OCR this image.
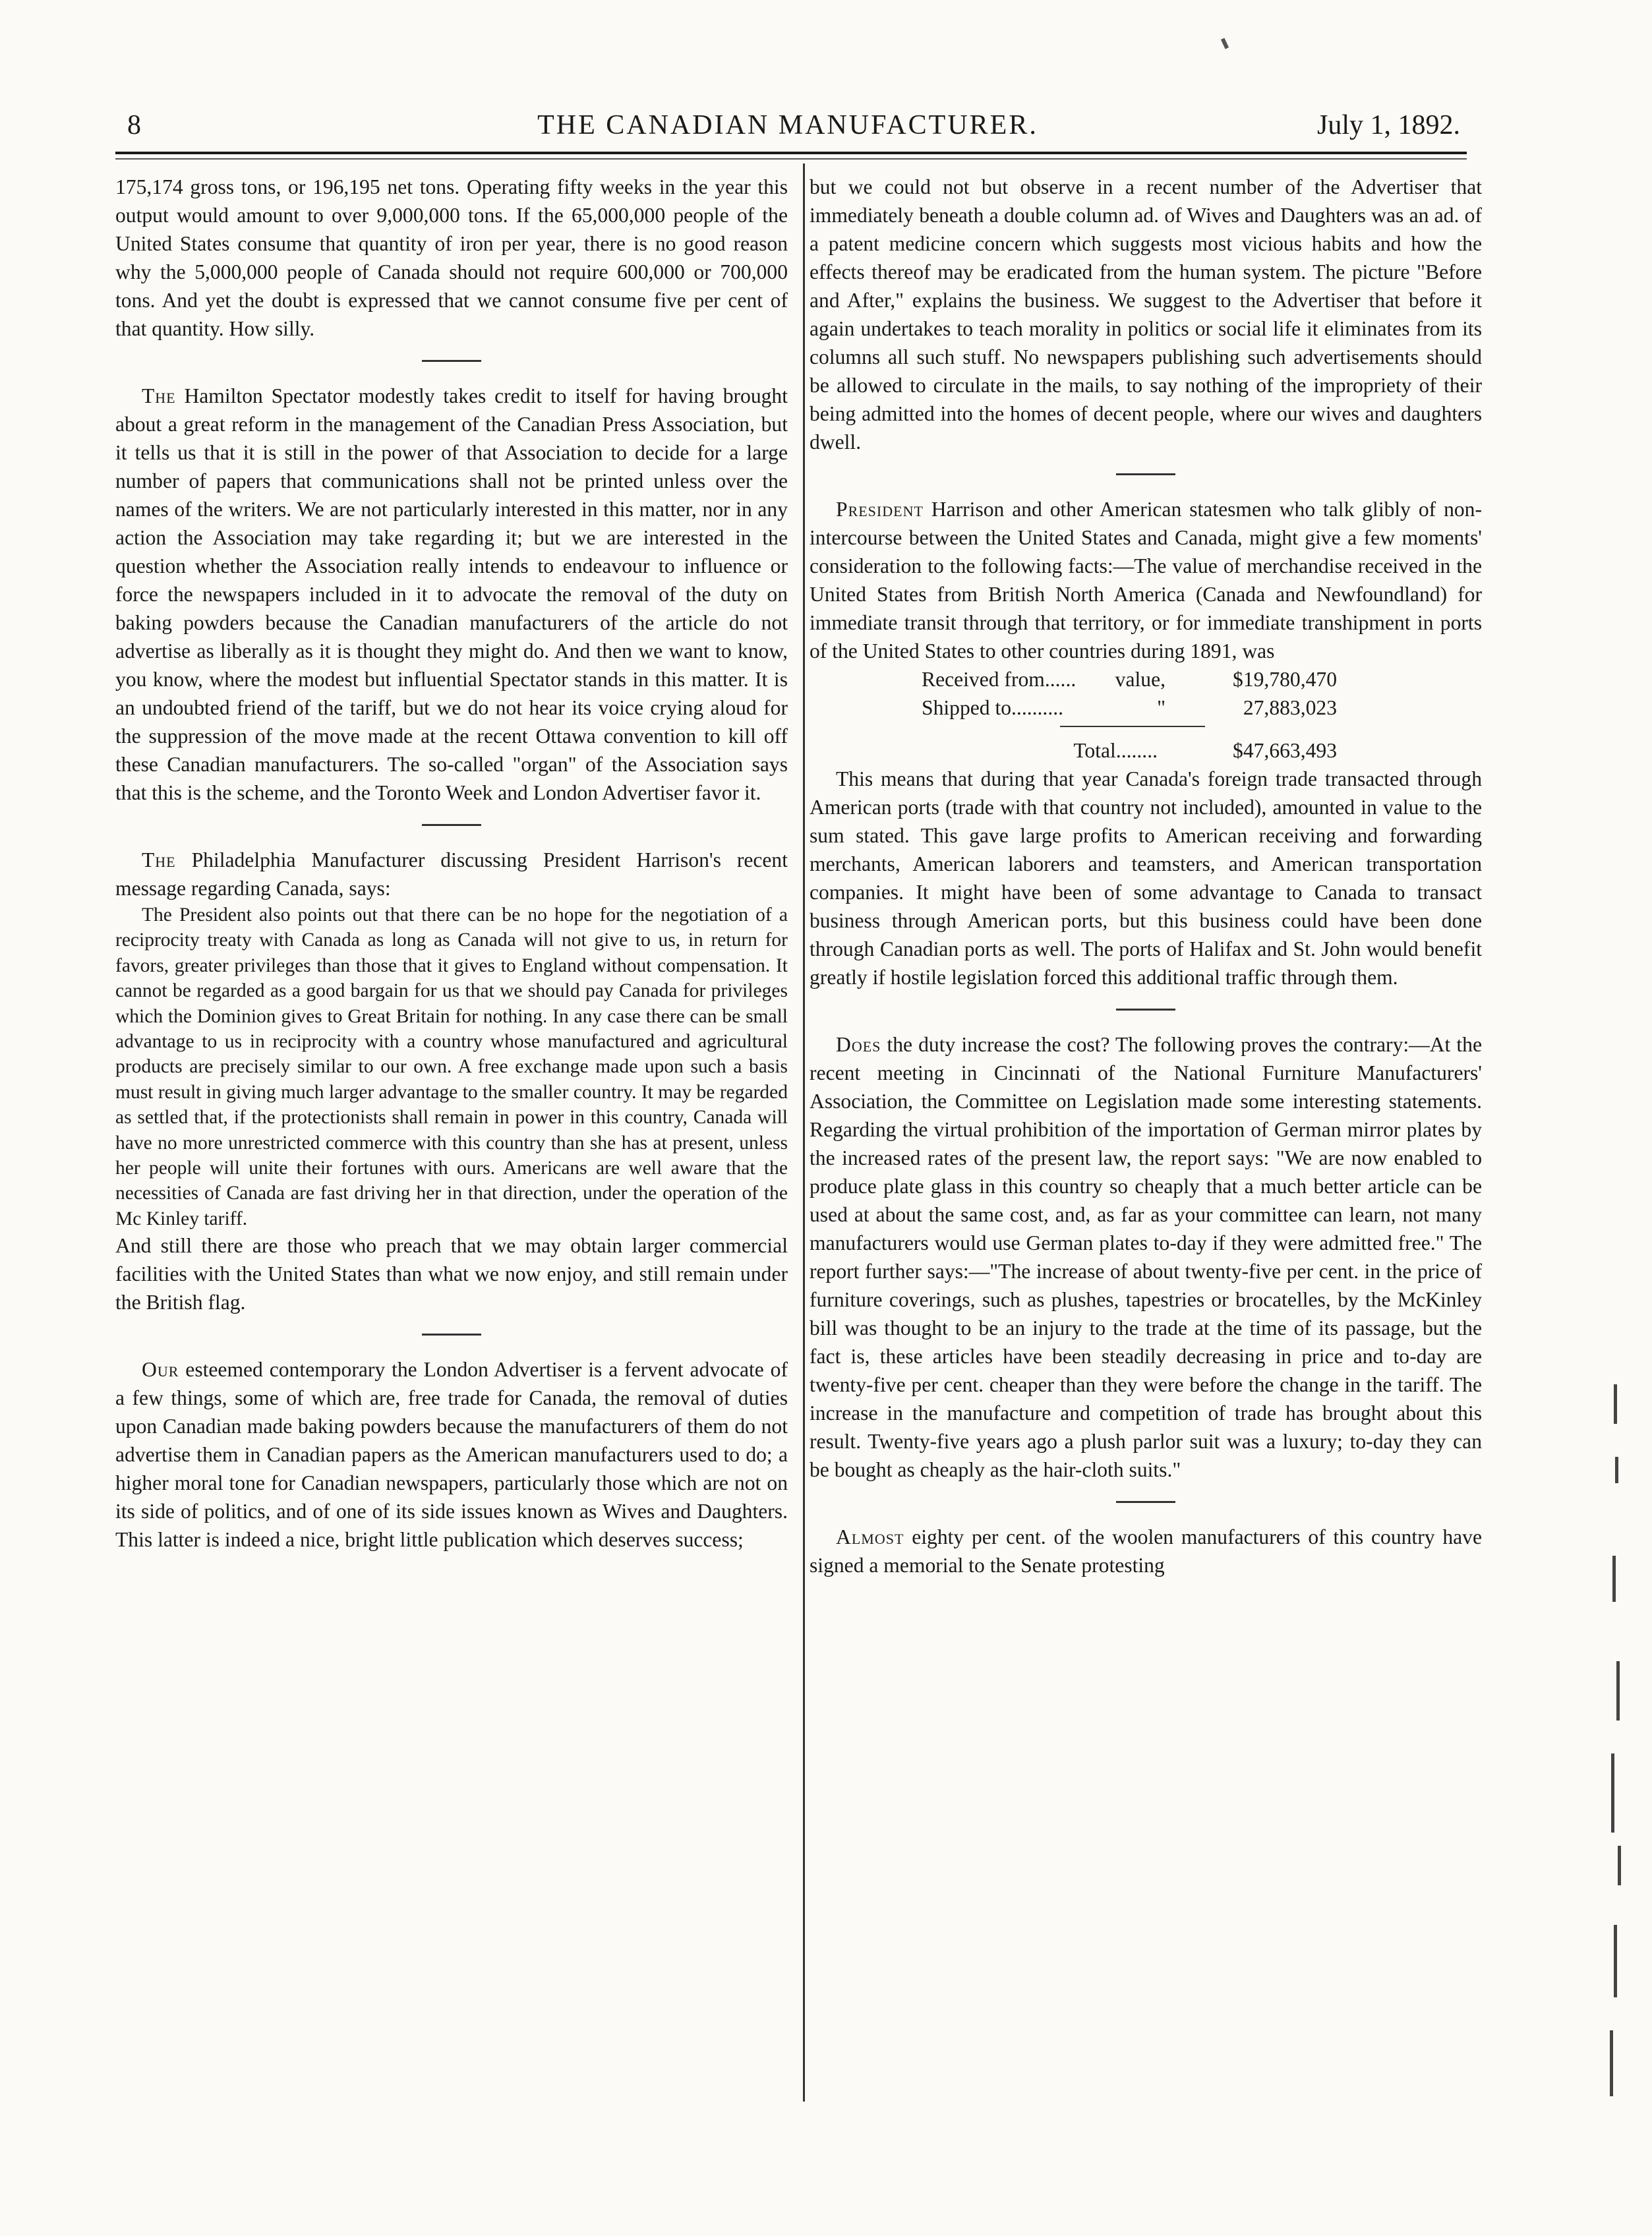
8	THE CANADIAN MANUFACTURER.	July 1, 1892.

175,174 gross tons, or 196,195 net tons. Operating fifty weeks in the year this output would amount to over 9,000,000 tons. If the 65,000,000 people of the United States consume that quantity of iron per year, there is no good reason why the 5,000,000 people of Canada should not require 600,000 or 700,000 tons. And yet the doubt is expressed that we cannot consume five per cent of that quantity. How silly.

The Hamilton Spectator modestly takes credit to itself for having brought about a great reform in the management of the Canadian Press Association, but it tells us that it is still in the power of that Association to decide for a large number of papers that communications shall not be printed unless over the names of the writers. We are not particularly interested in this matter, nor in any action the Association may take regarding it; but we are interested in the question whether the Association really intends to endeavour to influence or force the newspapers included in it to advocate the removal of the duty on baking powders because the Canadian manufacturers of the article do not advertise as liberally as it is thought they might do. And then we want to know, you know, where the modest but influential Spectator stands in this matter. It is an undoubted friend of the tariff, but we do not hear its voice crying aloud for the suppression of the move made at the recent Ottawa convention to kill off these Canadian manufacturers. The so-called "organ" of the Association says that this is the scheme, and the Toronto Week and London Advertiser favor it.

The Philadelphia Manufacturer discussing President Harrison's recent message regarding Canada, says:

The President also points out that there can be no hope for the negotiation of a reciprocity treaty with Canada as long as Canada will not give to us, in return for favors, greater privileges than those that it gives to England without compensation. It cannot be regarded as a good bargain for us that we should pay Canada for privileges which the Dominion gives to Great Britain for nothing. In any case there can be small advantage to us in reciprocity with a country whose manufactured and agricultural products are precisely similar to our own. A free exchange made upon such a basis must result in giving much larger advantage to the smaller country. It may be regarded as settled that, if the protectionists shall remain in power in this country, Canada will have no more unrestricted commerce with this country than she has at present, unless her people will unite their fortunes with ours. Americans are well aware that the necessities of Canada are fast driving her in that direction, under the operation of the Mc Kinley tariff.

And still there are those who preach that we may obtain larger commercial facilities with the United States than what we now enjoy, and still remain under the British flag.

Our esteemed contemporary the London Advertiser is a fervent advocate of a few things, some of which are, free trade for Canada, the removal of duties upon Canadian made baking powders because the manufacturers of them do not advertise them in Canadian papers as the American manufacturers used to do; a higher moral tone for Canadian newspapers, particularly those which are not on its side of politics, and of one of its side issues known as Wives and Daughters. This latter is indeed a nice, bright little publication which deserves success;

but we could not but observe in a recent number of the Advertiser that immediately beneath a double column ad. of Wives and Daughters was an ad. of a patent medicine concern which suggests most vicious habits and how the effects thereof may be eradicated from the human system. The picture "Before and After," explains the business. We suggest to the Advertiser that before it again undertakes to teach morality in politics or social life it eliminates from its columns all such stuff. No newspapers publishing such advertisements should be allowed to circulate in the mails, to say nothing of the impropriety of their being admitted into the homes of decent people, where our wives and daughters dwell.

President Harrison and other American statesmen who talk glibly of non-intercourse between the United States and Canada, might give a few moments' consideration to the following facts:—The value of merchandise received in the United States from British North America (Canada and Newfoundland) for immediate transit through that territory, or for immediate transhipment in ports of the United States to other countries during 1891, was

Received from......	value,	$19,780,470
Shipped to..........	"	27,883,023
Total........	$47,663,493

This means that during that year Canada's foreign trade transacted through American ports (trade with that country not included), amounted in value to the sum stated. This gave large profits to American receiving and forwarding merchants, American laborers and teamsters, and American transportation companies. It might have been of some advantage to Canada to transact business through American ports, but this business could have been done through Canadian ports as well. The ports of Halifax and St. John would benefit greatly if hostile legislation forced this additional traffic through them.

Does the duty increase the cost? The following proves the contrary:—At the recent meeting in Cincinnati of the National Furniture Manufacturers' Association, the Committee on Legislation made some interesting statements. Regarding the virtual prohibition of the importation of German mirror plates by the increased rates of the present law, the report says: "We are now enabled to produce plate glass in this country so cheaply that a much better article can be used at about the same cost, and, as far as your committee can learn, not many manufacturers would use German plates to-day if they were admitted free." The report further says:—"The increase of about twenty-five per cent. in the price of furniture coverings, such as plushes, tapestries or brocatelles, by the McKinley bill was thought to be an injury to the trade at the time of its passage, but the fact is, these articles have been steadily decreasing in price and to-day are twenty-five per cent. cheaper than they were before the change in the tariff. The increase in the manufacture and competition of trade has brought about this result. Twenty-five years ago a plush parlor suit was a luxury; to-day they can be bought as cheaply as the hair-cloth suits."

Almost eighty per cent. of the woolen manufacturers of this country have signed a memorial to the Senate protesting
